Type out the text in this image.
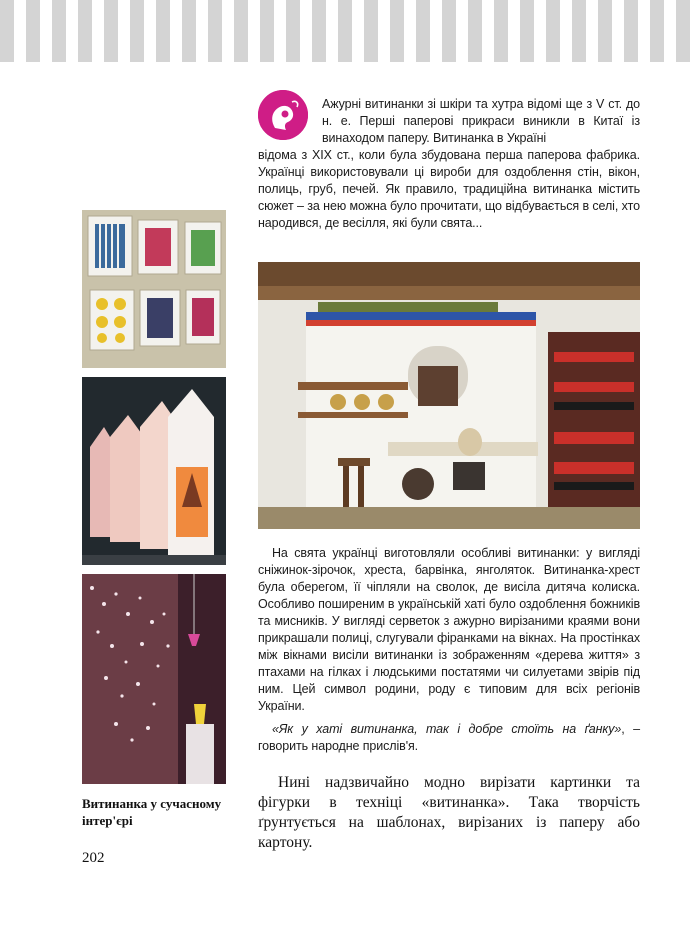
Витинанка у сучасному інтер'єрі
202
Ажурні витинанки зі шкіри та хутра відомі ще з V ст. до н. е. Перші паперові прикраси виникли в Китаї із винаходом паперу. Витинанка в Україні
відома з XIX ст., коли була збудована перша паперова фабрика. Українці використовували ці вироби для оздоблення стін, вікон, полиць, груб, печей. Як правило, традиційна витинанка містить сюжет – за нею можна було прочитати, що відбувається в селі, хто народився, де весілля, які були свята...
На свята українці виготовляли особливі витинанки: у вигляді сніжинок-зірочок, хреста, барвінка, янголяток. Витинанка-хрест була оберегом, її чіпляли на сволок, де висіла дитяча колиска. Особливо поширеним в українській хаті було оздоблення божників та мисників. У вигляді серветок з ажурно вирізаними краями вони прикрашали полиці, слугували фіранками на вікнах. На простінках між вікнами висіли витинанки із зображенням «дерева життя» з птахами на гілках і людськими постатями чи силуетами звірів під ним. Цей символ родини, роду є типовим для всіх регіонів України.
«Як у хаті витинанка, так і добре стоїть на ґанку», – говорить народне прислів'я.
Нині надзвичайно модно вирізати картинки та фігурки в техніці «витинанка». Така творчість ґрунтується на шаблонах, вирізаних із паперу або картону.
